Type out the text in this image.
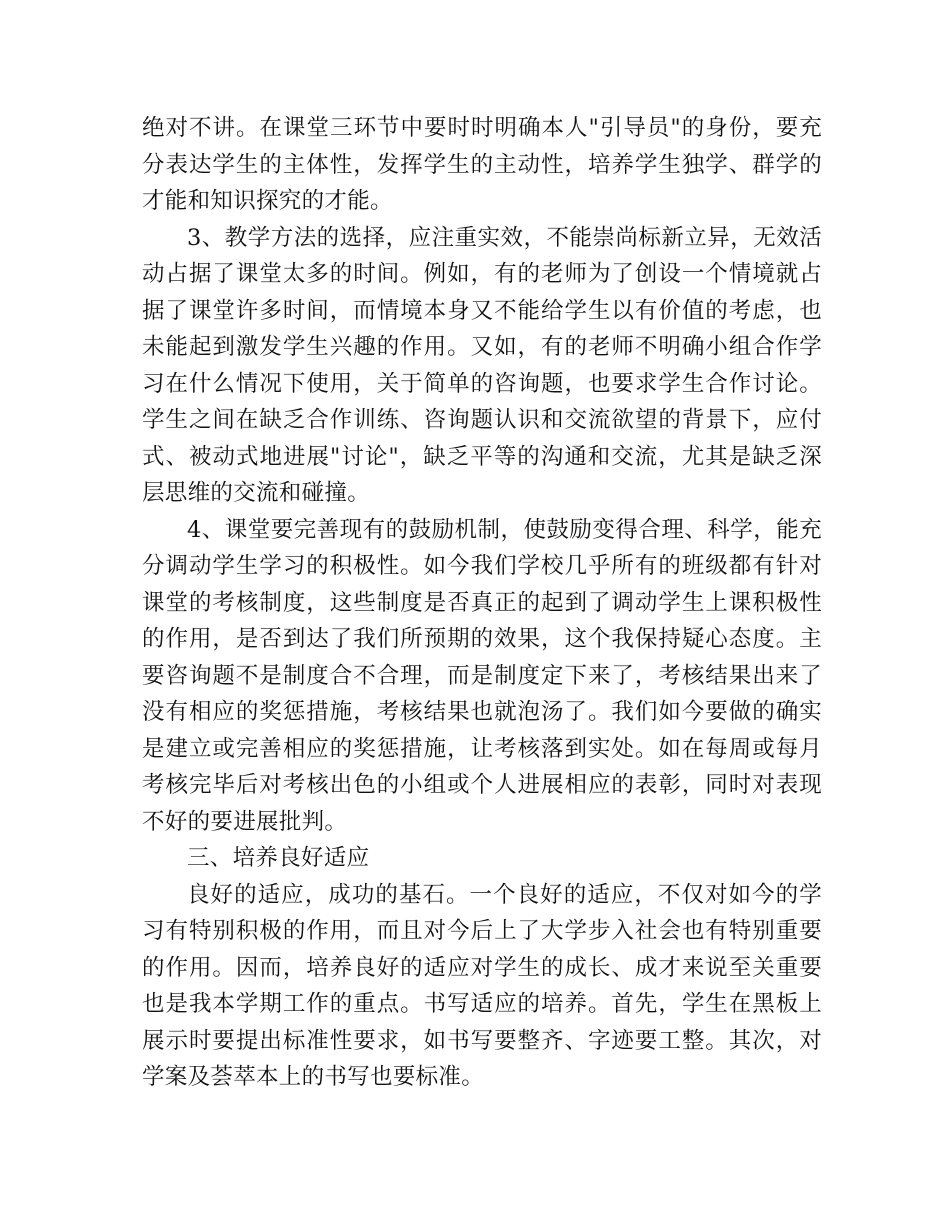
绝对不讲。在课堂三环节中要时时明确本人"引导员"的身份，要充分表达学生的主体性，发挥学生的主动性，培养学生独学、群学的才能和知识探究的才能。

3、教学方法的选择，应注重实效，不能崇尚标新立异，无效活动占据了课堂太多的时间。例如，有的老师为了创设一个情境就占据了课堂许多时间，而情境本身又不能给学生以有价值的考虑，也未能起到激发学生兴趣的作用。又如，有的老师不明确小组合作学习在什么情况下使用，关于简单的咨询题，也要求学生合作讨论。学生之间在缺乏合作训练、咨询题认识和交流欲望的背景下，应付式、被动式地进展"讨论"，缺乏平等的沟通和交流，尤其是缺乏深层思维的交流和碰撞。

4、课堂要完善现有的鼓励机制，使鼓励变得合理、科学，能充分调动学生学习的积极性。如今我们学校几乎所有的班级都有针对课堂的考核制度，这些制度是否真正的起到了调动学生上课积极性的作用，是否到达了我们所预期的效果，这个我保持疑心态度。主要咨询题不是制度合不合理，而是制度定下来了，考核结果出来了没有相应的奖惩措施，考核结果也就泡汤了。我们如今要做的确实是建立或完善相应的奖惩措施，让考核落到实处。如在每周或每月考核完毕后对考核出色的小组或个人进展相应的表彰，同时对表现不好的要进展批判。

三、培养良好适应

良好的适应，成功的基石。一个良好的适应，不仅对如今的学习有特别积极的作用，而且对今后上了大学步入社会也有特别重要的作用。因而，培养良好的适应对学生的成长、成才来说至关重要也是我本学期工作的重点。书写适应的培养。首先，学生在黑板上展示时要提出标准性要求，如书写要整齐、字迹要工整。其次，对学案及荟萃本上的书写也要标准。
